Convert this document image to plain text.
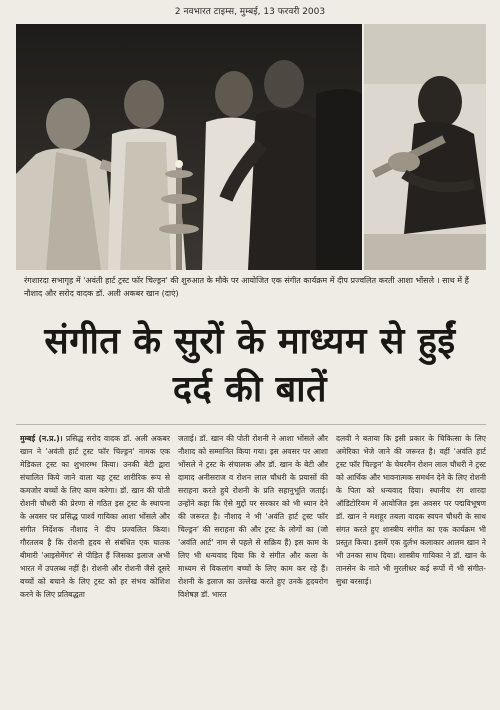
2 नवभारत टाइम्स, मुम्बई, 13 फरवरी 2003
रंगशारदा सभागृह में 'अवंती हार्ट ट्रस्ट फॉर चिल्ड्रन' की शुरुआत के मौके पर आयोजित एक संगीत कार्यक्रम में दीप प्रज्वलित करती आशा भोंसले । साथ में हैं नौशाद और सरोद वादक डॉ. अली अकबर खान (दाएं)
संगीत के सुरों के माध्यम से हुईं दर्द की बातें

मुम्बई (न.प्र.)। प्रसिद्ध सरोद वादक डॉ. अली अकबर खान ने 'अवंती हार्ट ट्रस्ट फॉर चिल्ड्रन' नामक एक मेडिकल ट्रस्ट का शुभारम्भ किया। उनकी बेटी द्वारा संचालित किये जाने वाला यह ट्रस्ट शारीरिक रूप से कमजोर बच्चों के लिए काम करेगा। डॉ. खान की पोती रोशनी चौधरी की प्रेरणा से गठित इस ट्रस्ट के स्थापना के अवसर पर प्रसिद्ध पार्श्व गायिका आशा भोंसले और संगीत निर्देशक नौशाद ने दीप प्रज्वलित किया। गौरतलब है कि रोशनी हृदय से संबंधित एक घातक बीमारी 'आइसेमेंगर' से पीड़ित हैं जिसका इलाज अभी भारत में उपलब्ध नहीं है। रोशनी और रोशनी जैसे दूसरे बच्चों को बचाने के लिए ट्रस्ट को हर संभव कोशिश करने के लिए प्रतिबद्धता

जताई। डॉ. खान की पोती रोशनी ने आशा भोंसले और नौशाद को सम्मानित किया गया। इस अवसर पर आशा भोंसले ने ट्रस्ट के संचालक और डॉ. खान के बेटी और दामाद अनीसराज व रोशन लाल चौधरी के प्रयासों की सराहना करते हुये रोशनी के प्रति सहानुभूति जताई। उन्होंने कहा कि ऐसे मुद्दों पर सरकार को भी ध्यान देने की जरूरत है। नौशाद ने भी 'अवंति हार्ट ट्रस्ट फॉर चिल्ड्रन' की सराहना की और ट्रस्ट के लोगों का (जो 'अवंति आर्ट' नाम से पहले से सक्रिय हैं) इस काम के लिए भी धन्यवाद दिया कि वे संगीत और कला के माध्यम से विकलांग बच्चों के लिए काम कर रहे हैं। रोशनी के इलाज का उल्लेख करते हुए उनके हृदयरोग विशेषज्ञ डॉ. भारत

दलवी ने बताया कि इसी प्रकार के चिकित्सा के लिए अमेरिका भेजे जाने की जरूरत है। वहीं 'अवंति हार्ट ट्रस्ट फॉर चिल्ड्रन' के चेयरमैन रोशन लाल चौधरी ने ट्रस्ट को आर्थिक और भावनात्मक समर्थन देने के लिए रोशनी के पिता को धन्यवाद दिया। स्थानीय रंग शारदा ऑडिटोरियम में आयोजित इस अवसर पर पद्मविभूषण डॉ. खान ने मशहूर तबला वादक स्वपन चौधरी के साथ संगत करते हुए शास्त्रीय संगीत का एक कार्यक्रम भी प्रस्तुत किया। इसमें एक दुर्लभ कलाकार आलम खान ने भी उनका साथ दिया। शास्त्रीय गायिका ने डॉ. खान के तानसेन के नाते भी मुरलीधर कई रूपों में भी संगीत-सुधा बरसाई।
